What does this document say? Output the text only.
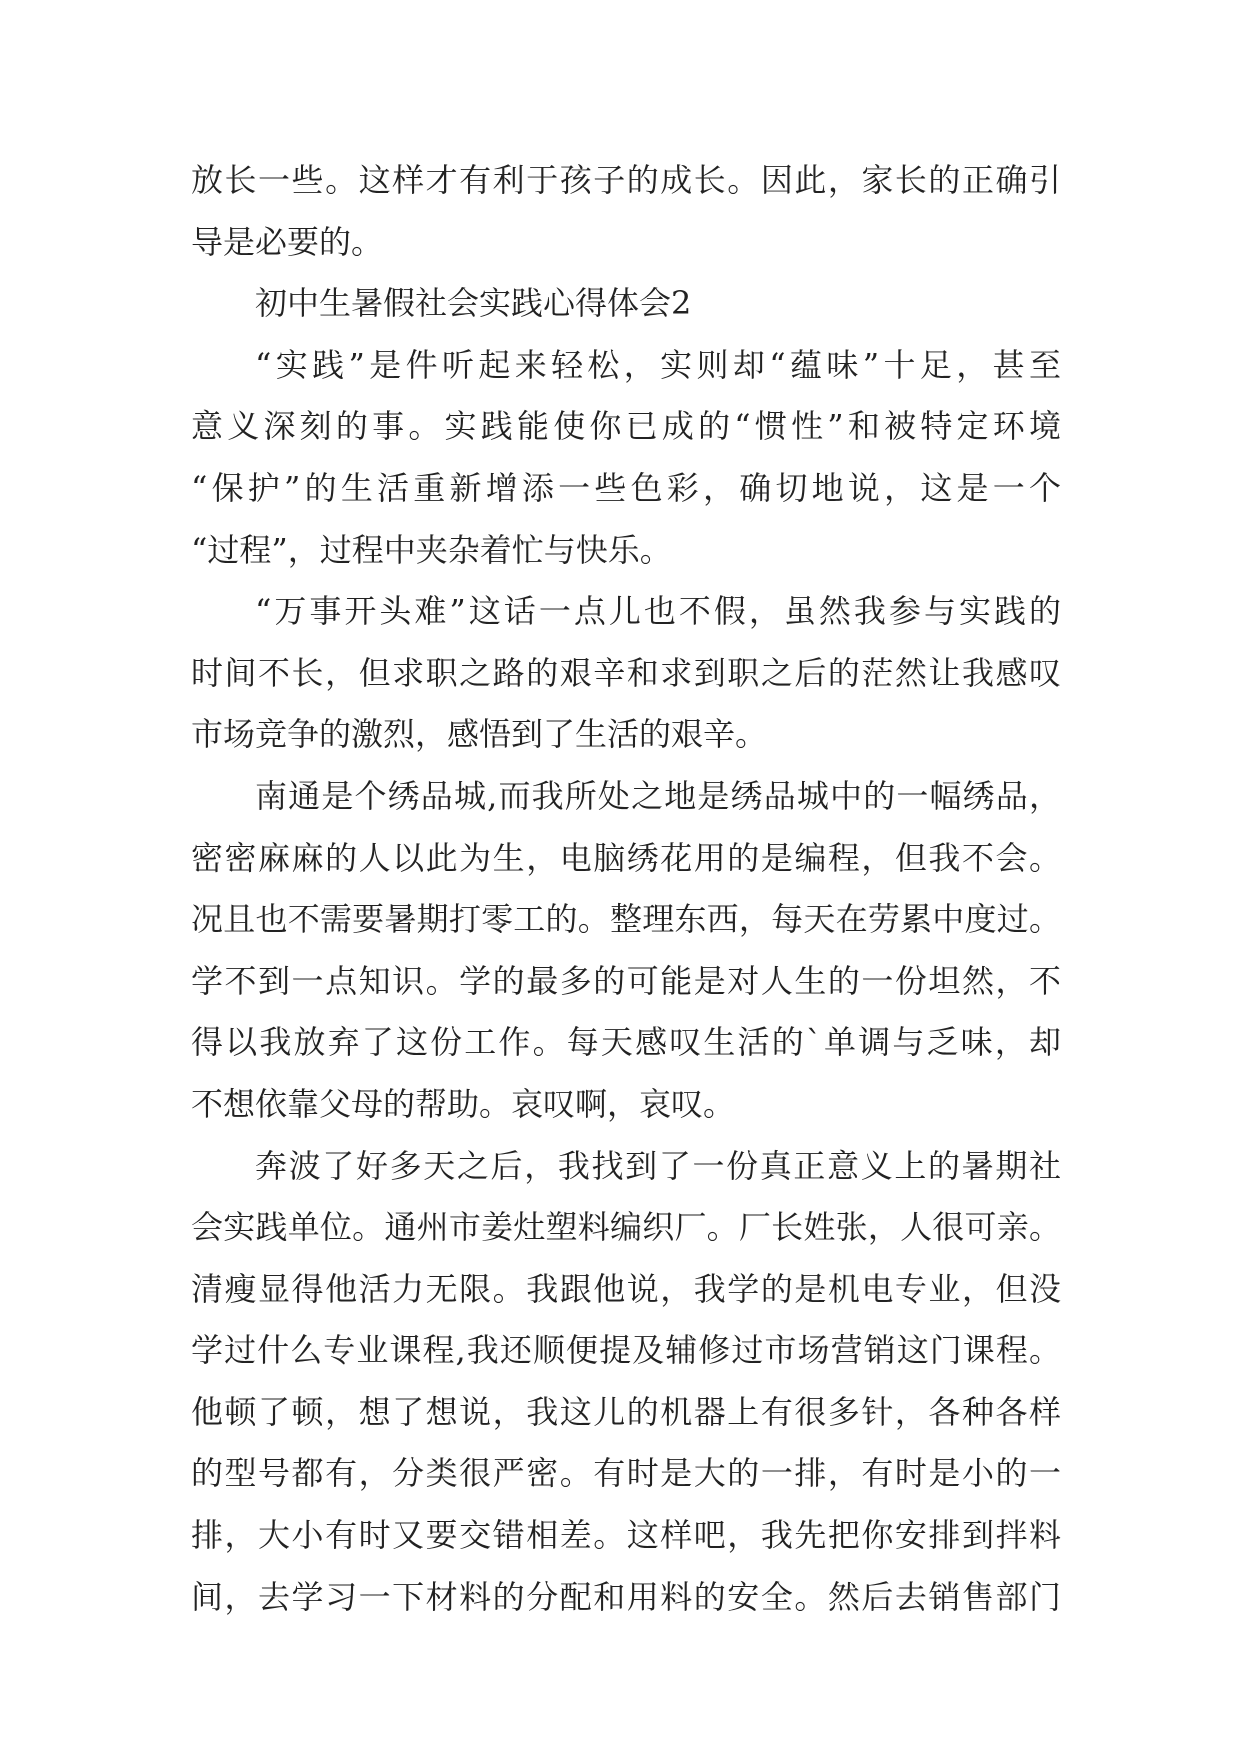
放长一些。这样才有利于孩子的成长。因此，家长的正确引
导是必要的。
初中生暑假社会实践心得体会2
“实践”是件听起来轻松，实则却“蕴味”十足，甚至
意义深刻的事。实践能使你已成的“惯性”和被特定环境
“保护”的生活重新增添一些色彩，确切地说，这是一个
“过程”，过程中夹杂着忙与快乐。
“万事开头难”这话一点儿也不假，虽然我参与实践的
时间不长，但求职之路的艰辛和求到职之后的茫然让我感叹
市场竞争的激烈，感悟到了生活的艰辛。
南通是个绣品城,而我所处之地是绣品城中的一幅绣品，
密密麻麻的人以此为生，电脑绣花用的是编程，但我不会。
况且也不需要暑期打零工的。整理东西，每天在劳累中度过。
学不到一点知识。学的最多的可能是对人生的一份坦然，不
得以我放弃了这份工作。每天感叹生活的`单调与乏味，却
不想依靠父母的帮助。哀叹啊，哀叹。
奔波了好多天之后，我找到了一份真正意义上的暑期社
会实践单位。通州市姜灶塑料编织厂。厂长姓张，人很可亲。
清瘦显得他活力无限。我跟他说，我学的是机电专业，但没
学过什么专业课程,我还顺便提及辅修过市场营销这门课程。
他顿了顿，想了想说，我这儿的机器上有很多针，各种各样
的型号都有，分类很严密。有时是大的一排，有时是小的一
排，大小有时又要交错相差。这样吧，我先把你安排到拌料
间，去学习一下材料的分配和用料的安全。然后去销售部门
